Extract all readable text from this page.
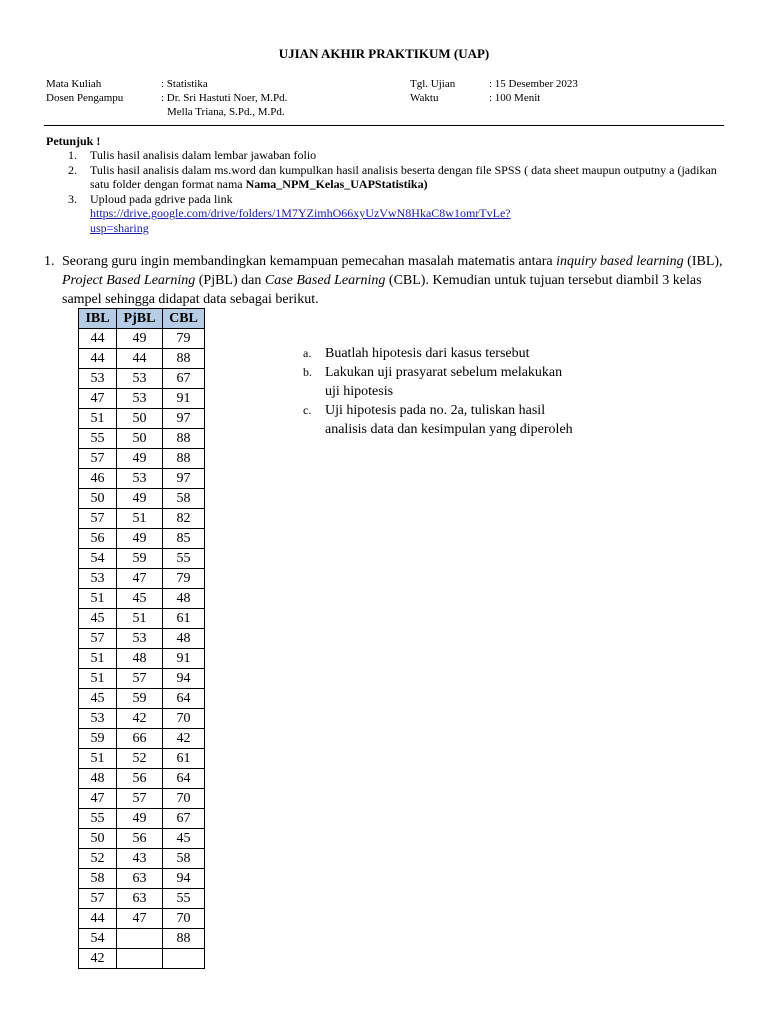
UJIAN AKHIR PRAKTIKUM (UAP)
Mata Kuliah	: Statistika
Dosen Pengampu	: Dr. Sri Hastuti Noer, M.Pd.
Mella Triana, S.Pd., M.Pd.
Tgl. Ujian	: 15 Desember 2023
Waktu	: 100 Menit
Petunjuk !
1.	Tulis hasil analisis dalam lembar jawaban folio
2.	Tulis hasil analisis dalam ms.word dan kumpulkan hasil analisis beserta dengan file SPSS ( data sheet maupun outputny a (jadikan satu folder dengan format nama Nama_NPM_Kelas_UAPStatistika)
3.	Uploud pada gdrive pada link
https://drive.google.com/drive/folders/1M7YZimhO66xyUzVwN8HkaC8w1omrTvLe?
usp=sharing
1. Seorang guru ingin membandingkan kemampuan pemecahan masalah matematis antara inquiry based learning (IBL), Project Based Learning (PjBL) dan Case Based Learning (CBL). Kemudian untuk tujuan tersebut diambil 3 kelas sampel sehingga didapat data sebagai berikut.
IBL	PjBL	CBL
44	49	79
44	44	88
53	53	67
47	53	91
51	50	97
55	50	88
57	49	88
46	53	97
50	49	58
57	51	82
56	49	85
54	59	55
53	47	79
51	45	48
45	51	61
57	53	48
51	48	91
51	57	94
45	59	64
53	42	70
59	66	42
51	52	61
48	56	64
47	57	70
55	49	67
50	56	45
52	43	58
58	63	94
57	63	55
44	47	70
54		88
42		
a. Buatlah hipotesis dari kasus tersebut
b. Lakukan uji prasyarat sebelum melakukan uji hipotesis
c. Uji hipotesis pada no. 2a, tuliskan hasil analisis data dan kesimpulan yang diperoleh
